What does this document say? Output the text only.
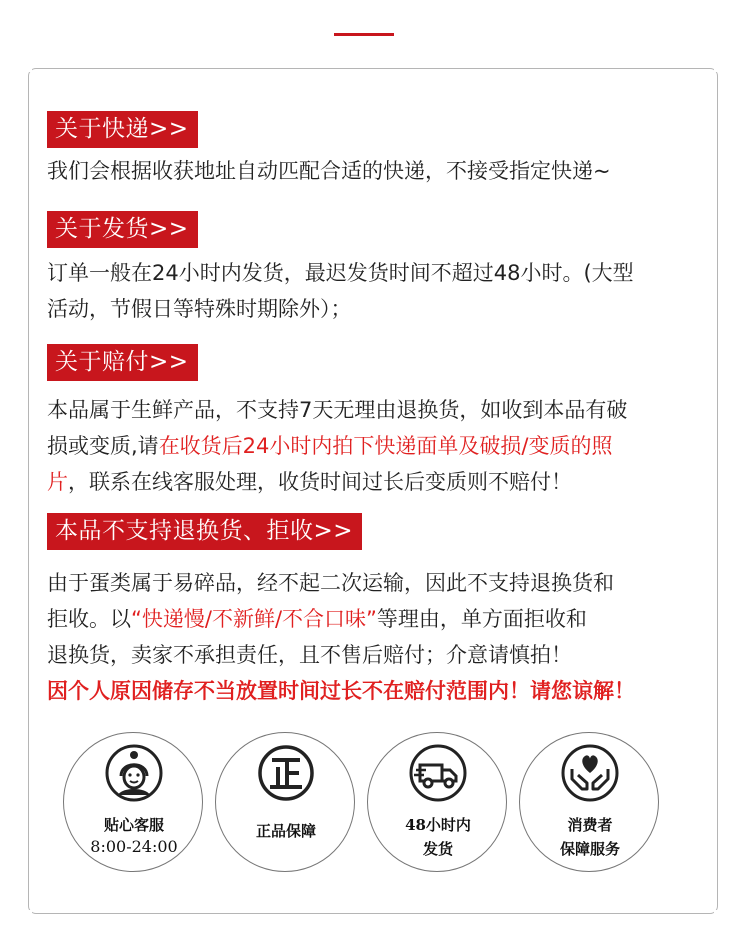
关于快递>>
我们会根据收获地址自动匹配合适的快递，不接受指定快递~
关于发货>>
订单一般在24小时内发货，最迟发货时间不超过48小时。(大型
活动，节假日等特殊时期除外）；
关于赔付>>
本品属于生鲜产品，不支持7天无理由退换货，如收到本品有破
损或变质,请在收货后24小时内拍下快递面单及破损/变质的照
片，联系在线客服处理，收货时间过长后变质则不赔付！
本品不支持退换货、拒收>>
由于蛋类属于易碎品，经不起二次运输，因此不支持退换货和
拒收。以“快递慢/不新鲜/不合口味”等理由，单方面拒收和
退换货，卖家不承担责任，且不售后赔付；介意请慎拍！
因个人原因储存不当放置时间过长不在赔付范围内！请您谅解！
贴心客服
8:00-24:00
正品保障	48小时内
发货
消费者
保障服务
